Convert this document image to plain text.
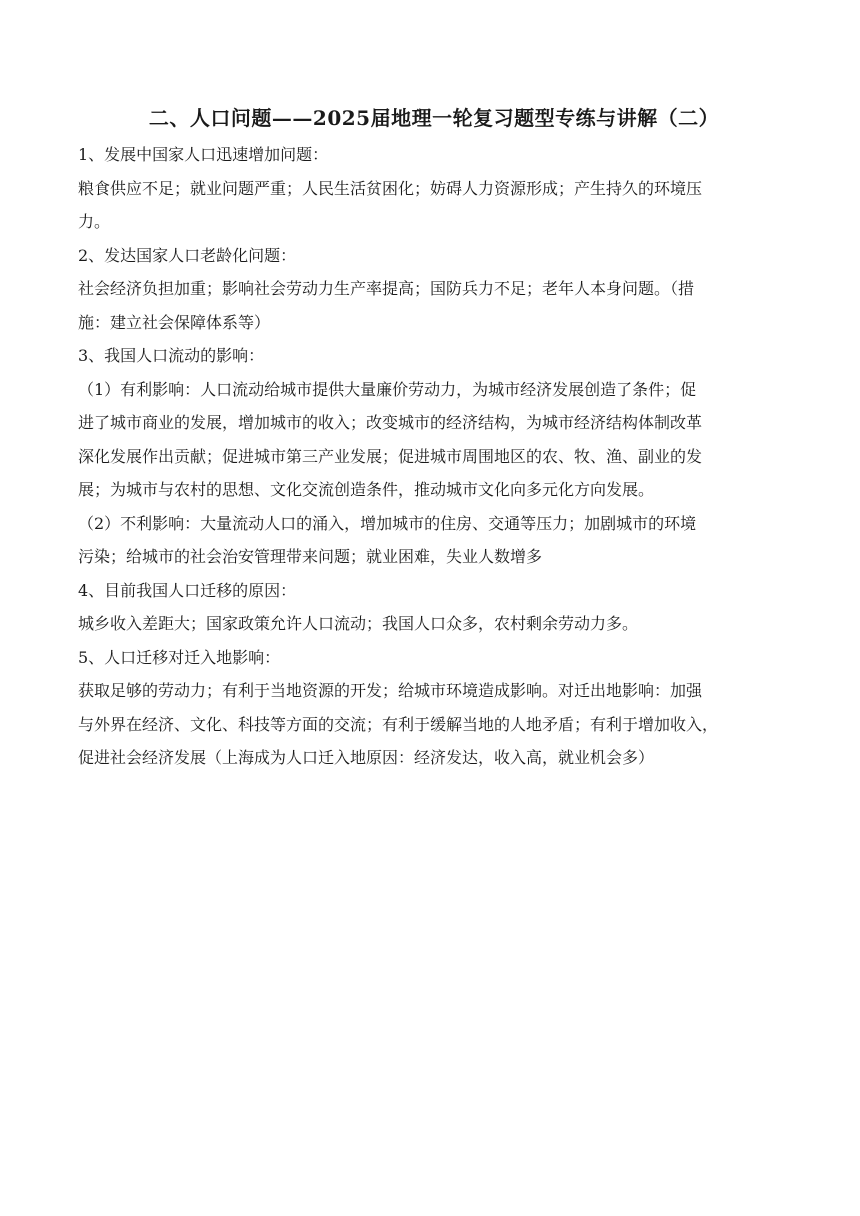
二、人口问题——2025届地理一轮复习题型专练与讲解（二）

1、发展中国家人口迅速增加问题：

粮食供应不足；就业问题严重；人民生活贫困化；妨碍人力资源形成；产生持久的环境压

力。

2、发达国家人口老龄化问题：

社会经济负担加重；影响社会劳动力生产率提高；国防兵力不足；老年人本身问题。（措

施：建立社会保障体系等）

3、我国人口流动的影响：

（1）有利影响：人口流动给城市提供大量廉价劳动力，为城市经济发展创造了条件；促

进了城市商业的发展，增加城市的收入；改变城市的经济结构，为城市经济结构体制改革

深化发展作出贡献；促进城市第三产业发展；促进城市周围地区的农、牧、渔、副业的发

展；为城市与农村的思想、文化交流创造条件，推动城市文化向多元化方向发展。

（2）不利影响：大量流动人口的涌入，增加城市的住房、交通等压力；加剧城市的环境

污染；给城市的社会治安管理带来问题；就业困难，失业人数增多

4、目前我国人口迁移的原因：

城乡收入差距大；国家政策允许人口流动；我国人口众多，农村剩余劳动力多。

5、人口迁移对迁入地影响：

获取足够的劳动力；有利于当地资源的开发；给城市环境造成影响。对迁出地影响：加强

与外界在经济、文化、科技等方面的交流；有利于缓解当地的人地矛盾；有利于增加收入，

促进社会经济发展（上海成为人口迁入地原因：经济发达，收入高，就业机会多）
